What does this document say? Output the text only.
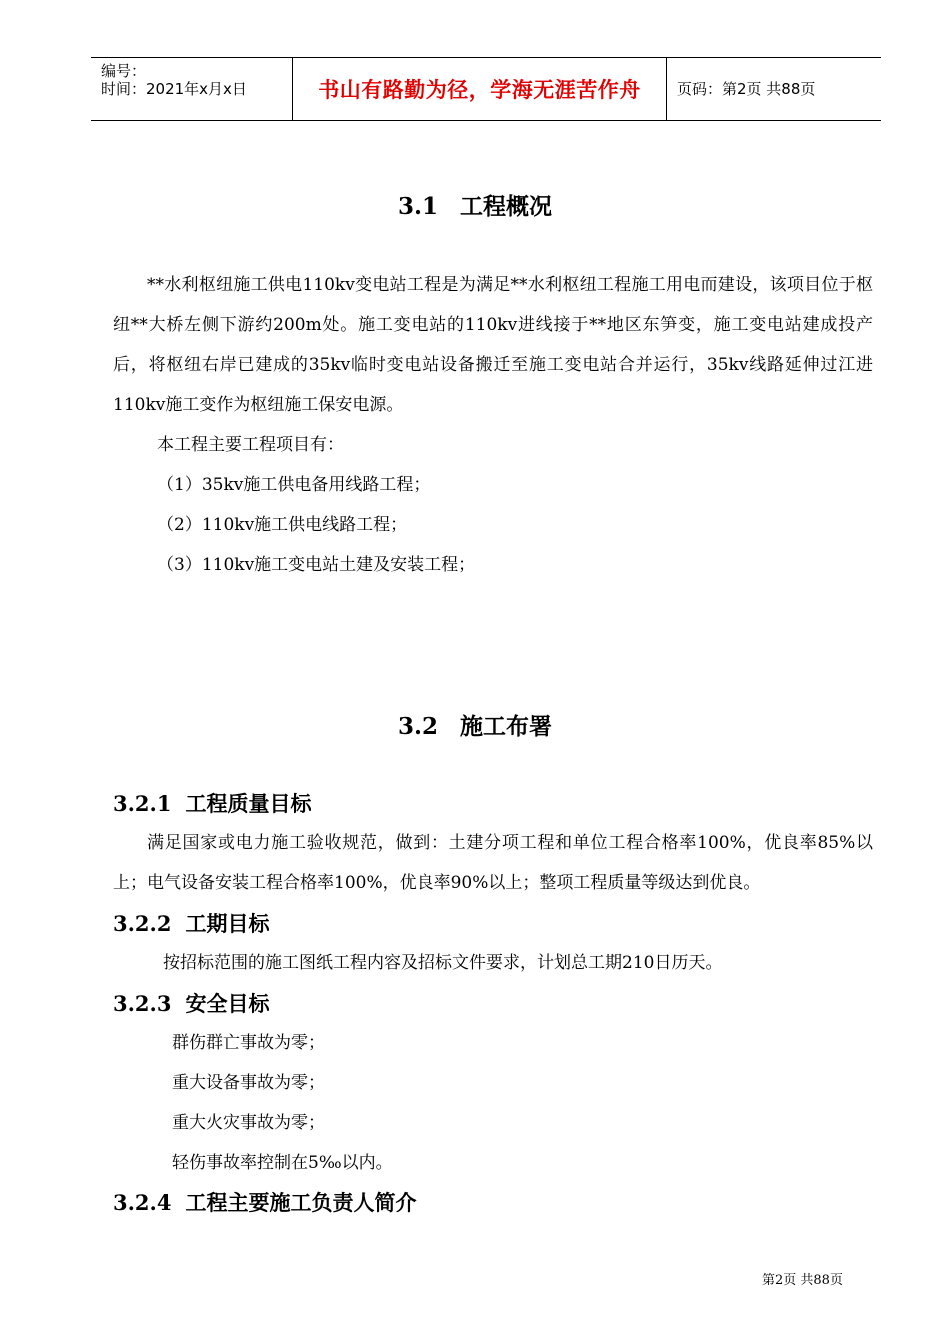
编号：
时间：2021年x月x日	书山有路勤为径，学海无涯苦作舟 页码：第2页 共88页
3.1 工程概况
**水利枢纽施工供电110kv变电站工程是为满足**水利枢纽工程施工用电而建设，该项目位于枢纽**大桥左侧下游约200m处。施工变电站的110kv进线接于**地区东笋变，施工变电站建成投产后，将枢纽右岸已建成的35kv临时变电站设备搬迁至施工变电站合并运行，35kv线路延伸过江进110kv施工变作为枢纽施工保安电源。
本工程主要工程项目有：
（1）35kv施工供电备用线路工程；
（2）110kv施工供电线路工程；
（3）110kv施工变电站土建及安装工程；
3.2 施工布署
3.2.1 工程质量目标
满足国家或电力施工验收规范，做到：土建分项工程和单位工程合格率100%，优良率85%以上；电气设备安装工程合格率100%，优良率90%以上；整项工程质量等级达到优良。
3.2.2 工期目标
按招标范围的施工图纸工程内容及招标文件要求，计划总工期210日历天。
3.2.3 安全目标
群伤群亡事故为零；
重大设备事故为零；
重大火灾事故为零；
轻伤事故率控制在5‰以内。
3.2.4 工程主要施工负责人简介
第2页 共88页
